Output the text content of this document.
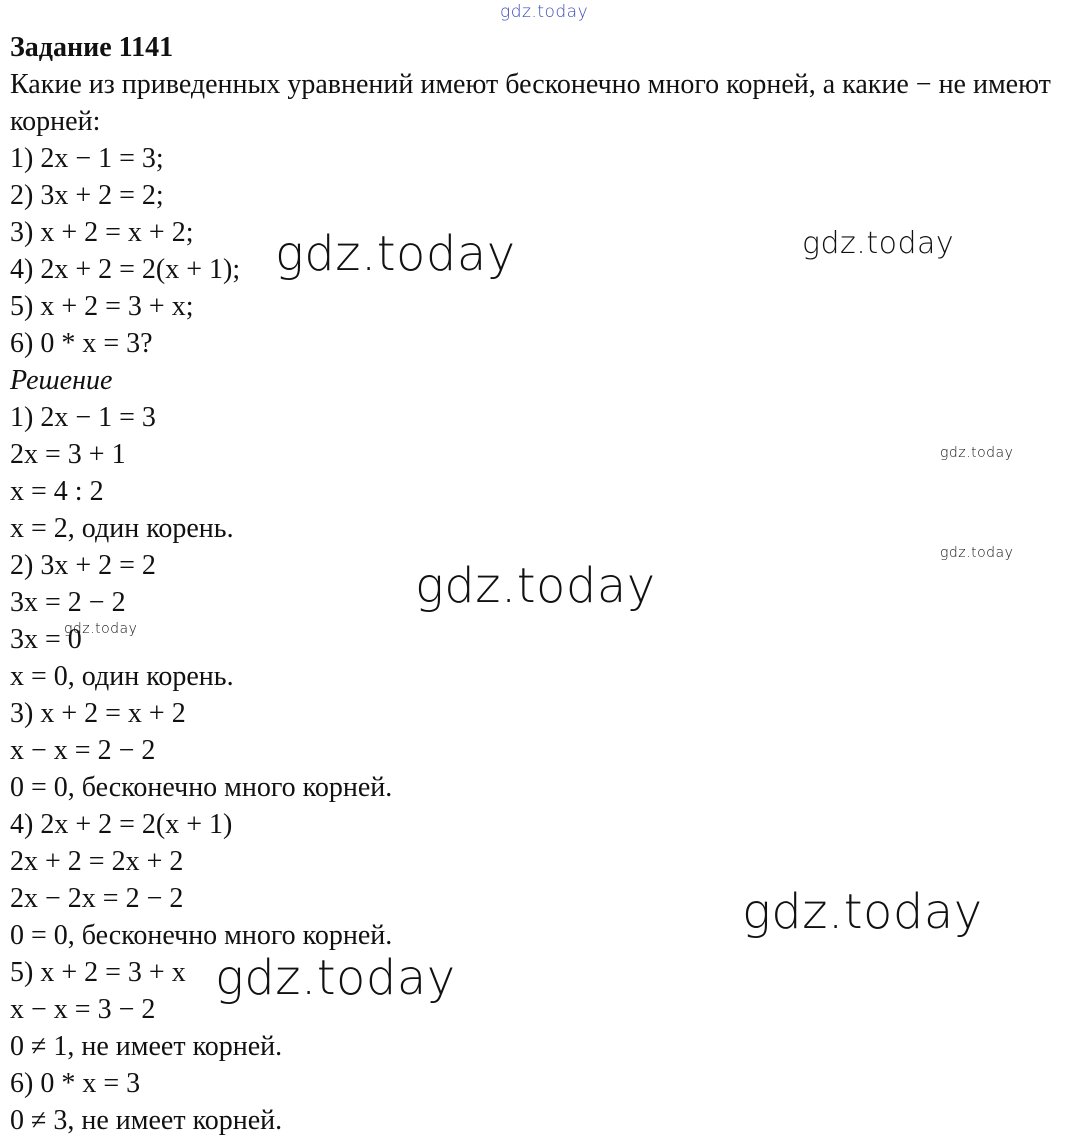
Задание 1141

Какие из приведенных уравнений имеют бесконечно много корней, а какие − не имеют корней:

1) 2x − 1 = 3;

2) 3x + 2 = 2;

3) x + 2 = x + 2;

4) 2x + 2 = 2(x + 1);

5) x + 2 = 3 + x;

6) 0 * x = 3?

Решение

1) 2x − 1 = 3

2x = 3 + 1

x = 4 : 2

x = 2, один корень.

2) 3x + 2 = 2

3x = 2 − 2

3x = 0

x = 0, один корень.

3) x + 2 = x + 2

x − x = 2 − 2

0 = 0, бесконечно много корней.

4) 2x + 2 = 2(x + 1)

2x + 2 = 2x + 2

2x − 2x = 2 − 2

0 = 0, бесконечно много корней.

5) x + 2 = 3 + x

x − x = 3 − 2

0 ≠ 1, не имеет корней.

6) 0 * x = 3

0 ≠ 3, не имеет корней.

gdz.today
gdz.today	gdz.today
gdz.today
gdz.today
gdz.today
gdz.today
gdz.today
gdz.today
